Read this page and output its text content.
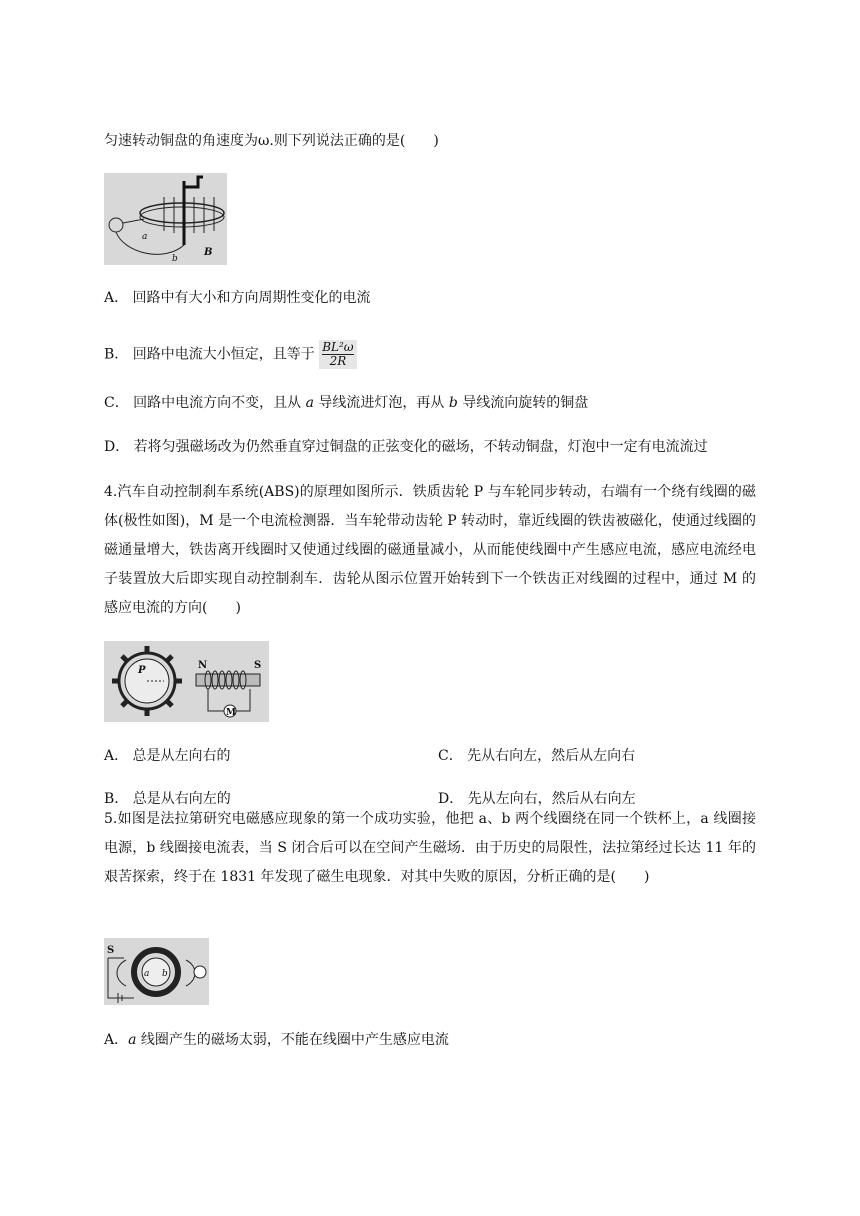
匀速转动铜盘的角速度为ω.则下列说法正确的是(　　)
a
b
B
A． 回路中有大小和方向周期性变化的电流
B． 回路中电流大小恒定，且等于 $\frac{\text{BL²ω}}{2R}$
C． 回路中电流方向不变，且从 a 导线流进灯泡，再从 b 导线流向旋转的铜盘
D． 若将匀强磁场改为仍然垂直穿过铜盘的正弦变化的磁场，不转动铜盘，灯泡中一定有电流流过
4.汽车自动控制刹车系统(ABS)的原理如图所示．铁质齿轮 P 与车轮同步转动，右端有一个绕有线圈的磁体(极性如图)，M 是一个电流检测器．当车轮带动齿轮 P 转动时，靠近线圈的铁齿被磁化，使通过线圈的磁通量增大，铁齿离开线圈时又使通过线圈的磁通量减小，从而能使线圈中产生感应电流，感应电流经电子装置放大后即实现自动控制刹车．齿轮从图示位置开始转到下一个铁齿正对线圈的过程中，通过 M 的感应电流的方向(　　)
P
M
N	S
A． 总是从左向右的	C． 先从右向左，然后从左向右
B． 总是从右向左的	D． 先从左向右，然后从右向左
5.如图是法拉第研究电磁感应现象的第一个成功实验，他把 a、b 两个线圈绕在同一个铁杯上，a 线圈接电源，b 线圈接电流表，当 S 闭合后可以在空间产生磁场．由于历史的局限性，法拉第经过长达 11 年的艰苦探索，终于在 1831 年发现了磁生电现象．对其中失败的原因，分析正确的是(　　)
S
a b
A．a 线圈产生的磁场太弱，不能在线圈中产生感应电流
